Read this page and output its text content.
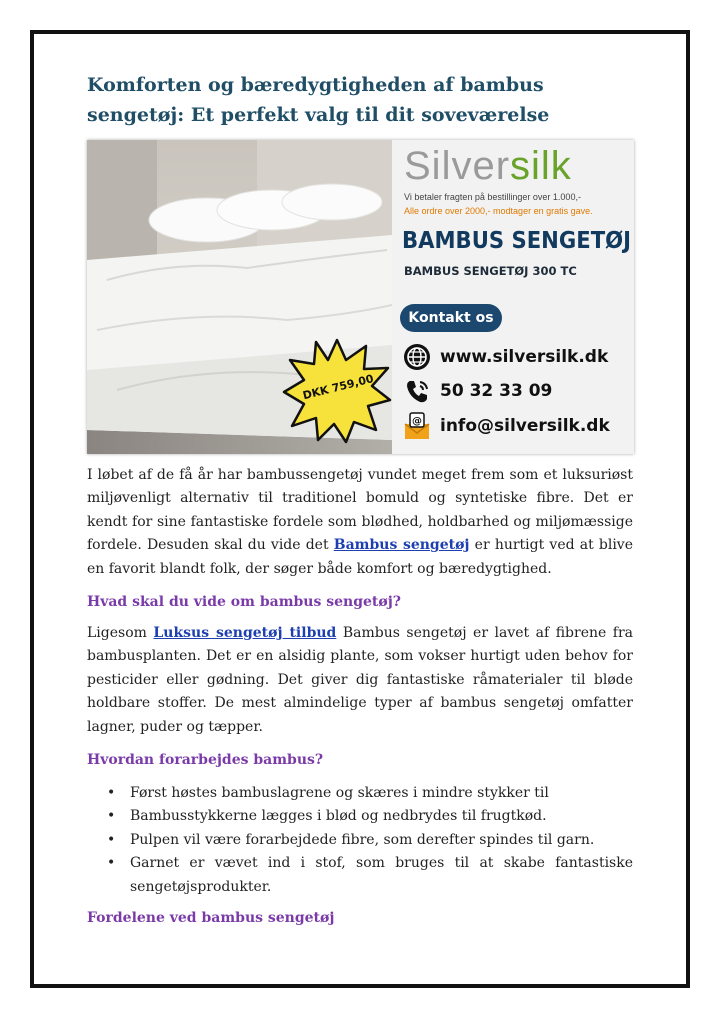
Komforten og bæredygtigheden af bambus sengetøj: Et perfekt valg til dit soveværelse
Silversilk
Vi betaler fragten på bestillinger over 1.000,-
Alle ordre over 2000,- modtager en gratis gave.
BAMBUS SENGETØJ
BAMBUS SENGETØJ 300 TC
Kontakt os
www.silversilk.dk
50 32 33 09
@ info@silversilk.dk
DKK 759,00

I løbet af de få år har bambussengetøj vundet meget frem som et luksuriøst miljøvenligt alternativ til traditionel bomuld og syntetiske fibre. Det er kendt for sine fantastiske fordele som blødhed, holdbarhed og miljømæssige fordele. Desuden skal du vide det Bambus sengetøj er hurtigt ved at blive en favorit blandt folk, der søger både komfort og bæredygtighed.

Hvad skal du vide om bambus sengetøj?

Ligesom Luksus sengetøj tilbud Bambus sengetøj er lavet af fibrene fra bambusplanten. Det er en alsidig plante, som vokser hurtigt uden behov for pesticider eller gødning. Det giver dig fantastiske råmaterialer til bløde holdbare stoffer. De mest almindelige typer af bambus sengetøj omfatter lagner, puder og tæpper.

Hvordan forarbejdes bambus?
• Først høstes bambuslagrene og skæres i mindre stykker til
• Bambusstykkerne lægges i blød og nedbrydes til frugtkød.
• Pulpen vil være forarbejdede fibre, som derefter spindes til garn.
• Garnet er vævet ind i stof, som bruges til at skabe fantastiske sengetøjsprodukter.
Fordelene ved bambus sengetøj
